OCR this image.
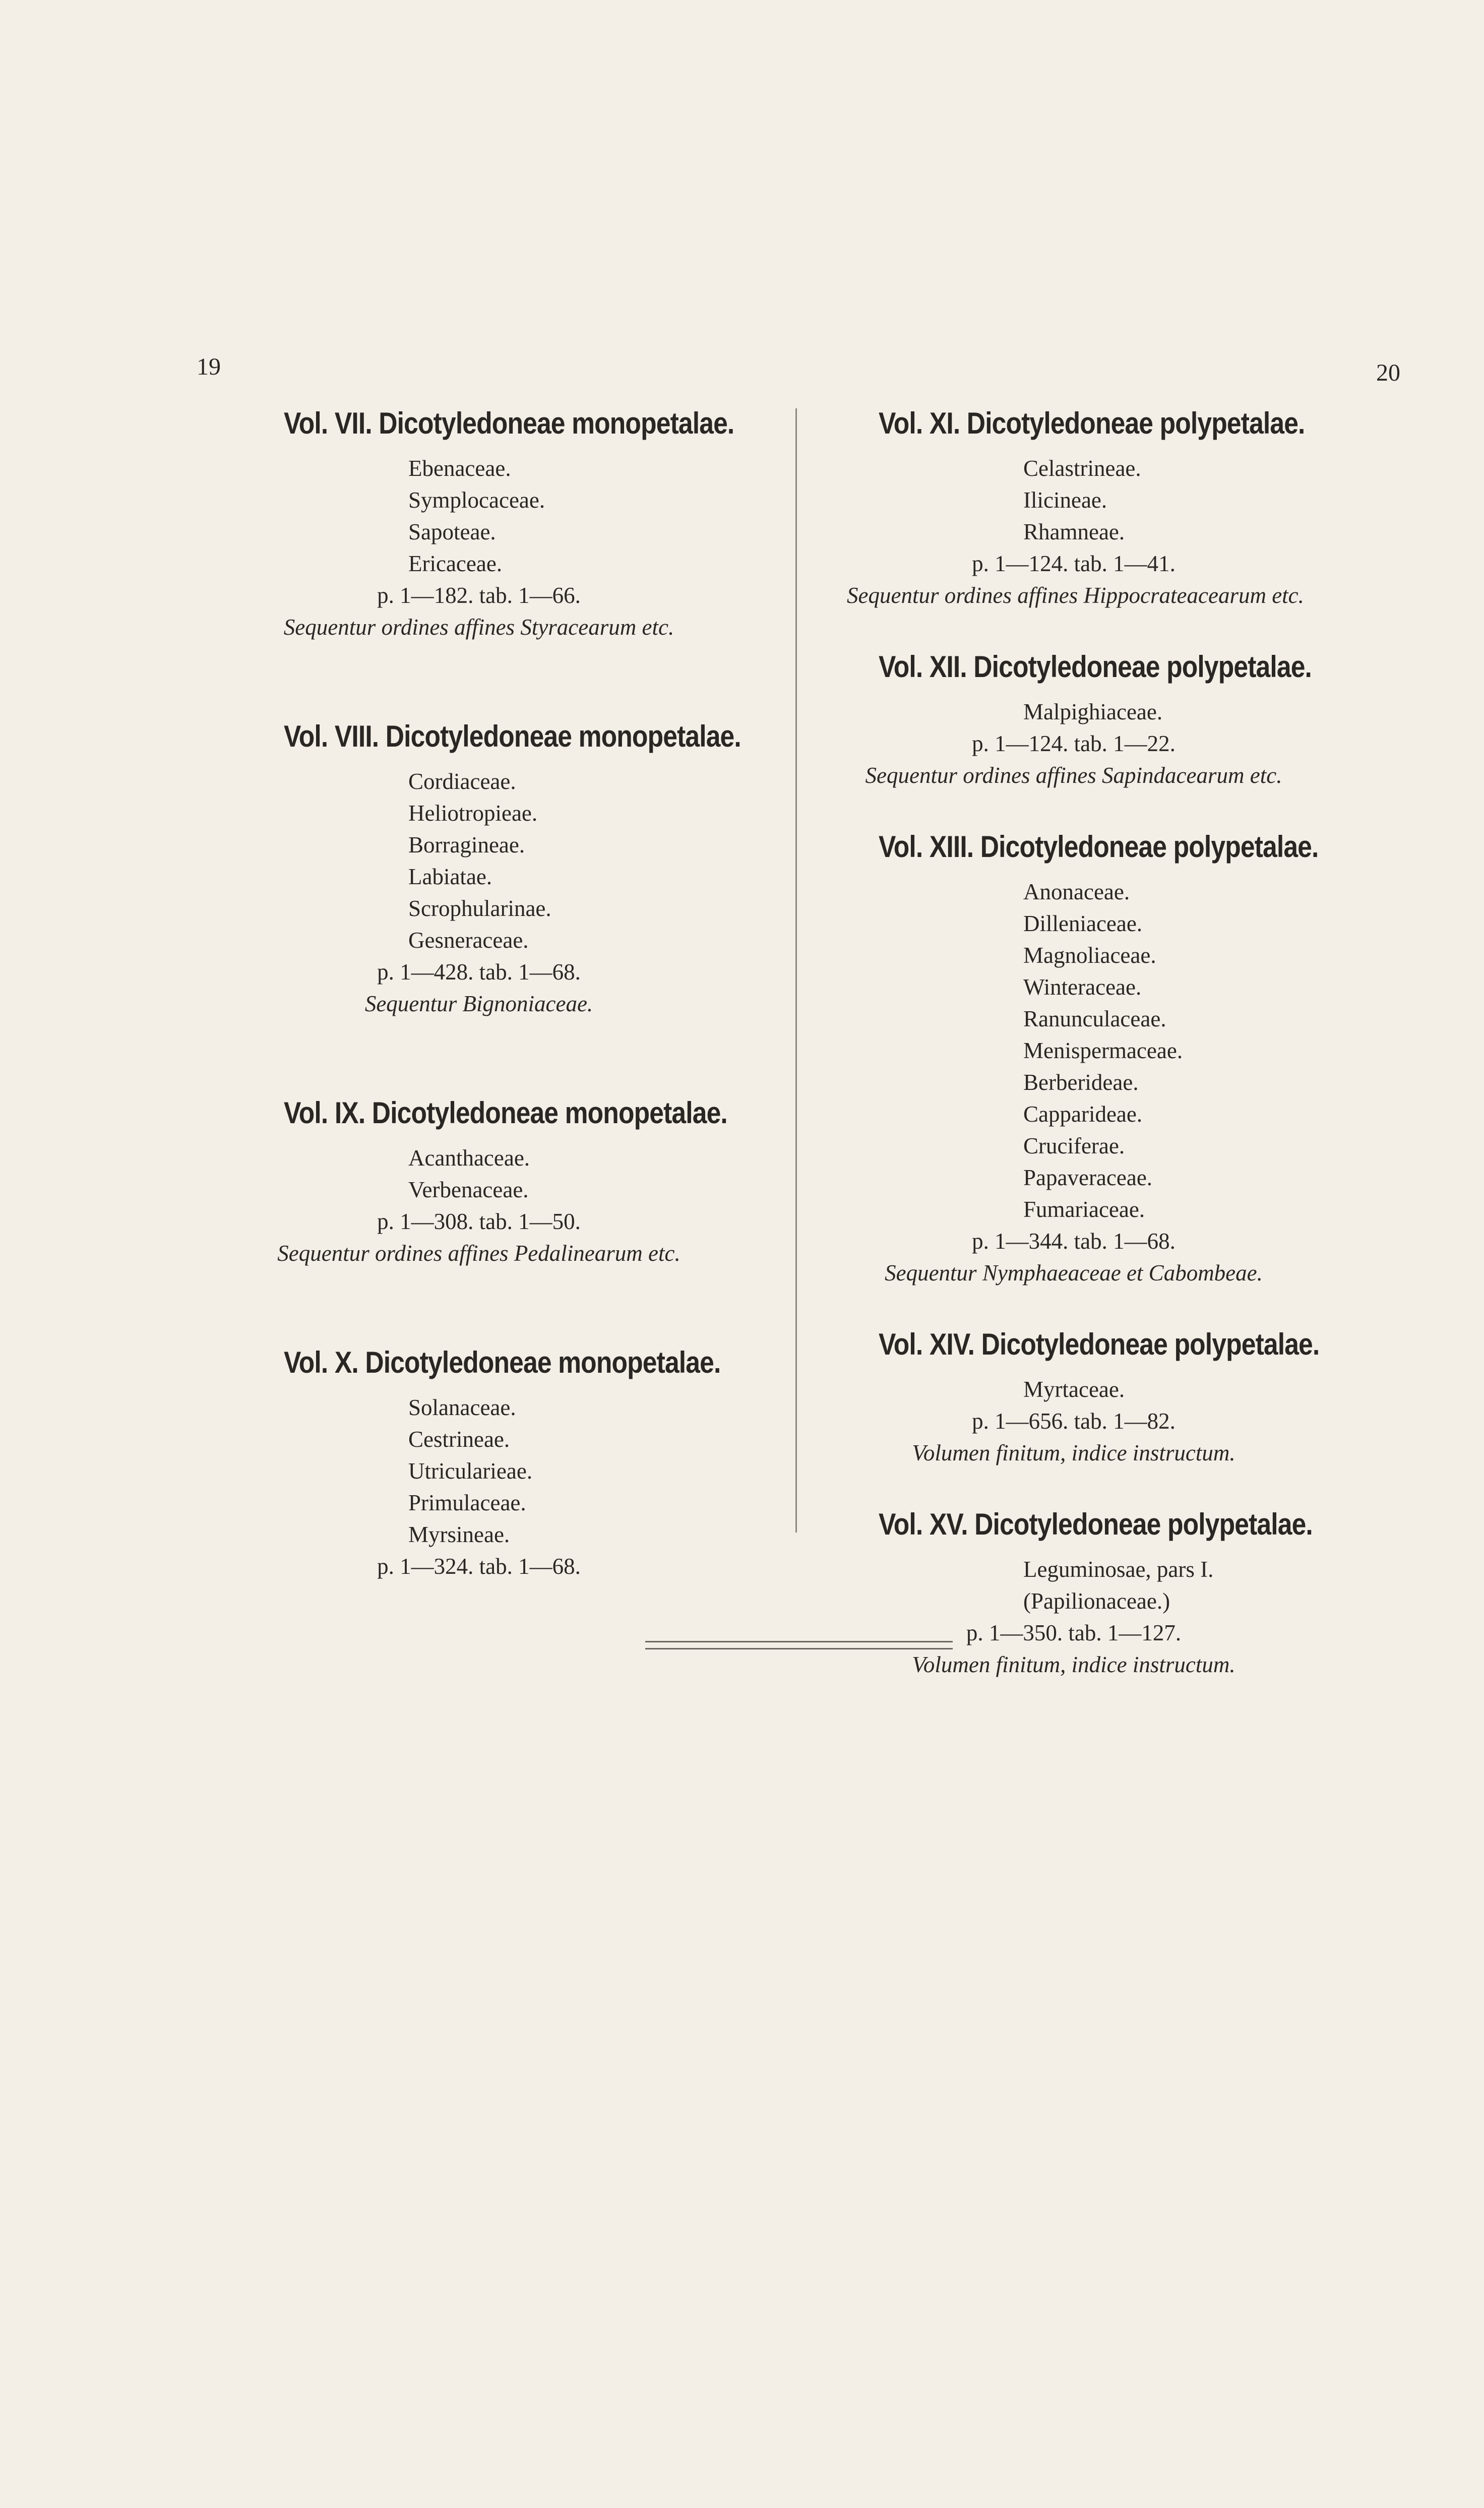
19	20
Vol. VII. Dicotyledoneae monopetalae.
Ebenaceae.
Symplocaceae.
Sapoteae.
Ericaceae.
p. 1—182. tab. 1—66.
Sequentur ordines affines Styracearum etc.
Vol. VIII. Dicotyledoneae monopetalae.
Cordiaceae.
Heliotropieae.
Borragineae.
Labiatae.
Scrophularinae.
Gesneraceae.
p. 1—428. tab. 1—68.
Sequentur Bignoniaceae.
Vol. IX. Dicotyledoneae monopetalae.
Acanthaceae.
Verbenaceae.
p. 1—308. tab. 1—50.
Sequentur ordines affines Pedalinearum etc.
Vol. X. Dicotyledoneae monopetalae.
Solanaceae.
Cestrineae.
Utricularieae.
Primulaceae.
Myrsineae.
p. 1—324. tab. 1—68.
Vol. XI. Dicotyledoneae polypetalae.
Celastrineae.
Ilicineae.
Rhamneae.
p. 1—124. tab. 1—41.
Sequentur ordines affines Hippocrateacearum etc.
Vol. XII. Dicotyledoneae polypetalae.
Malpighiaceae.
p. 1—124. tab. 1—22.
Sequentur ordines affines Sapindacearum etc.
Vol. XIII. Dicotyledoneae polypetalae.
Anonaceae.
Dilleniaceae.
Magnoliaceae.
Winteraceae.
Ranunculaceae.
Menispermaceae.
Berberideae.
Capparideae.
Cruciferae.
Papaveraceae.
Fumariaceae.
p. 1—344. tab. 1—68.
Sequentur Nymphaeaceae et Cabombeae.
Vol. XIV. Dicotyledoneae polypetalae.
Myrtaceae.
p. 1—656. tab. 1—82.
Volumen finitum, indice instructum.
Vol. XV. Dicotyledoneae polypetalae.
Leguminosae, pars I.
(Papilionaceae.)
p. 1—350. tab. 1—127.
Volumen finitum, indice instructum.
